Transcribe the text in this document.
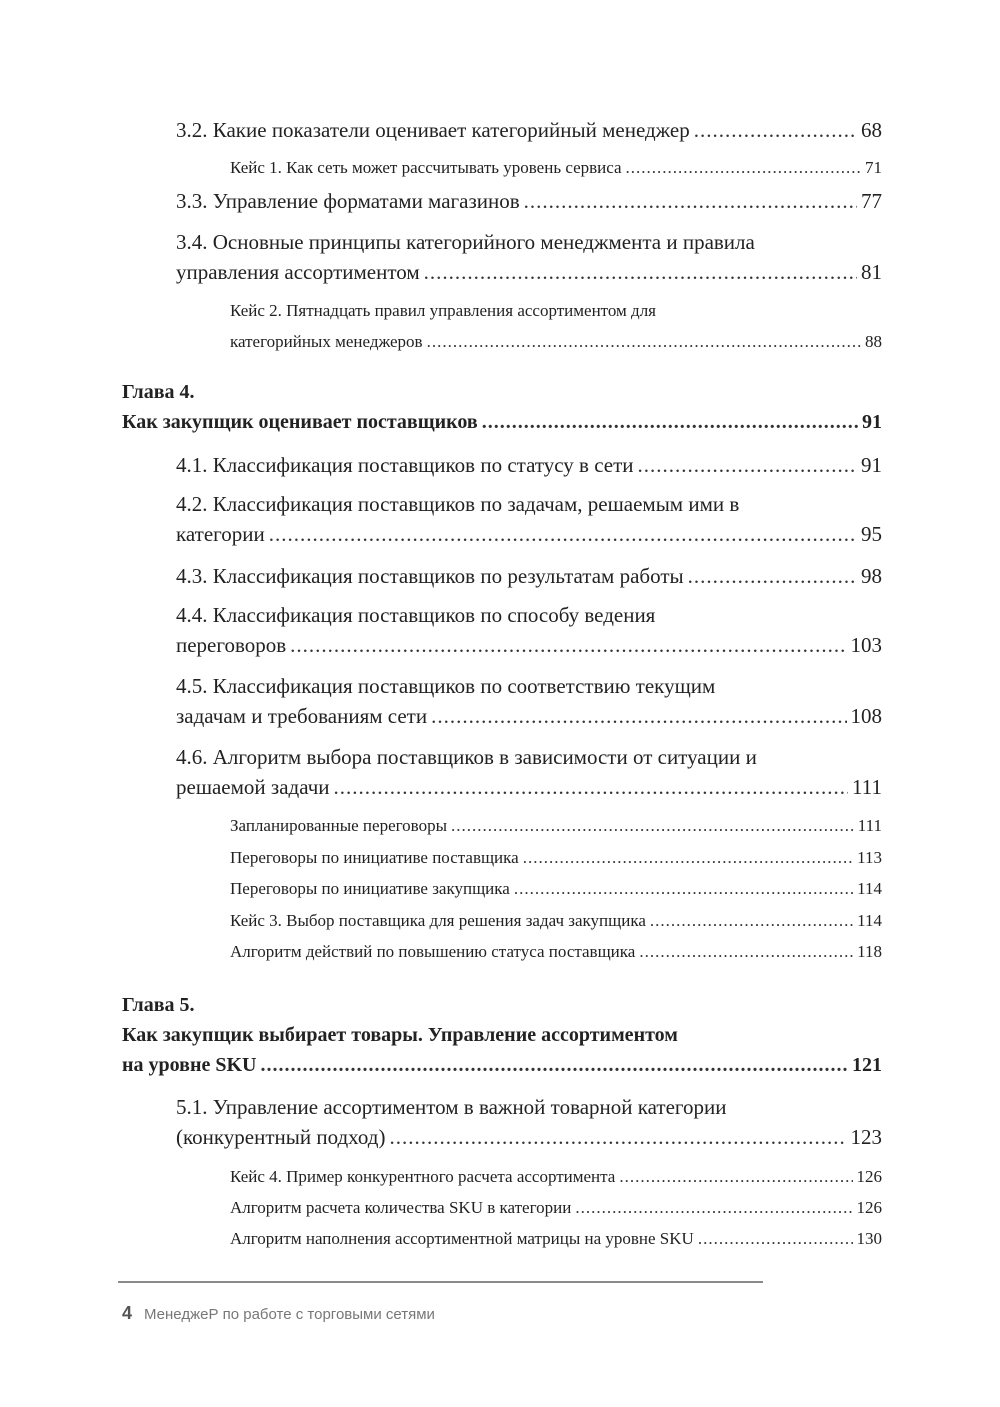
3.2. Какие показатели оценивает категорийный менеджер .....	68
Кейс 1. Как сеть может рассчитывать уровень сервиса .....	71
3.3. Управление форматами магазинов .....	77
3.4. Основные принципы категорийного менеджмента и правила
управления ассортиментом .....	81
Кейс 2. Пятнадцать правил управления ассортиментом для
категорийных менеджеров .....	88
Глава 4.
Как закупщик оценивает поставщиков .....	91
4.1. Классификация поставщиков по статусу в сети .....	91
4.2. Классификация поставщиков по задачам, решаемым ими в
категории .....	95
4.3. Классификация поставщиков по результатам работы .....	98
4.4. Классификация поставщиков по способу ведения
переговоров .....	103
4.5. Классификация поставщиков по соответствию текущим
задачам и требованиям сети .....	108
4.6. Алгоритм выбора поставщиков в зависимости от ситуации и
решаемой задачи .....	111
Запланированные переговоры .....	111
Переговоры по инициативе поставщика .....	113
Переговоры по инициативе закупщика .....	114
Кейс 3. Выбор поставщика для решения задач закупщика .....	114
Алгоритм действий по повышению статуса поставщика .....	118
Глава 5.
Как закупщик выбирает товары. Управление ассортиментом
на уровне SKU .....	121
5.1. Управление ассортиментом в важной товарной категории
(конкурентный подход) .....	123
Кейс 4. Пример конкурентного расчета ассортимента .....	126
Алгоритм расчета количества SKU в категории .....	126
Алгоритм наполнения ассортиментной матрицы на уровне SKU .....	130
4 МенеджеР по работе с торговыми сетями
